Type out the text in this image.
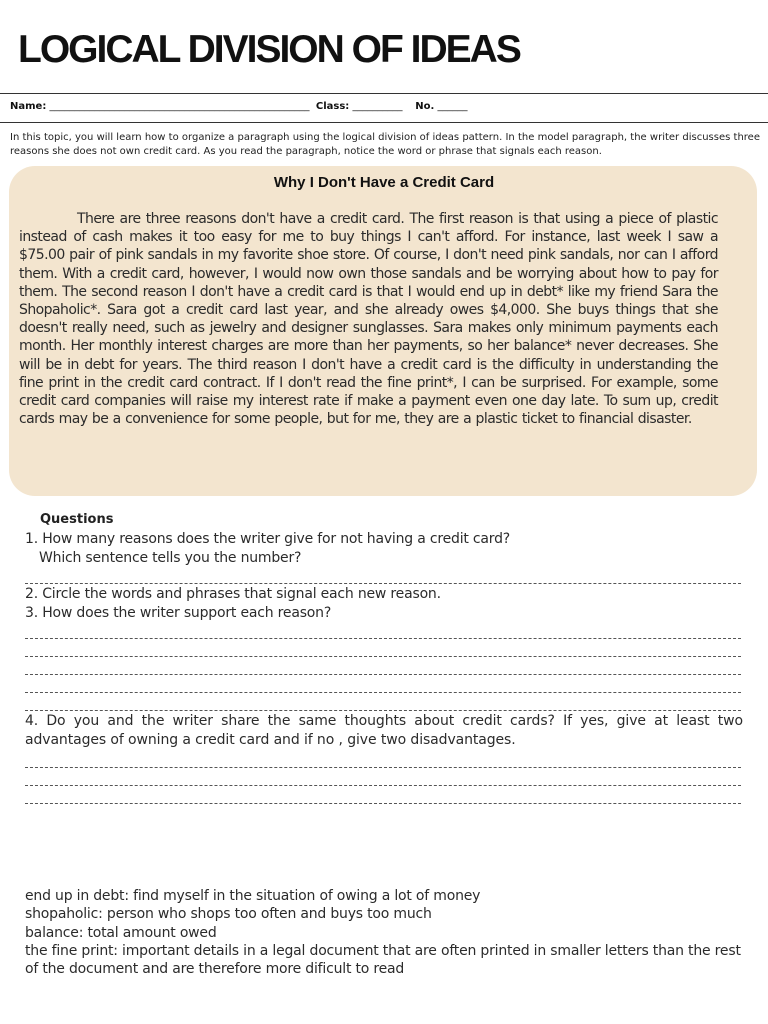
LOGICAL DIVISION OF IDEAS
Name: ____________________________________________________ Class: __________ No. ______

In this topic, you will learn how to organize a paragraph using the logical division of ideas pattern. In the model paragraph, the writer discusses three reasons she does not own credit card. As you read the paragraph, notice the word or phrase that signals each reason.

Why I Don't Have a Credit Card

There are three reasons don't have a credit card. The first reason is that using a piece of plastic instead of cash makes it too easy for me to buy things I can't afford. For instance, last week I saw a $75.00 pair of pink sandals in my favorite shoe store. Of course, I don't need pink sandals, nor can I afford them. With a credit card, however, I would now own those sandals and be worrying about how to pay for them. The second reason I don't have a credit card is that I would end up in debt* like my friend Sara the Shopaholic*. Sara got a credit card last year, and she already owes $4,000. She buys things that she doesn't really need, such as jewelry and designer sunglasses. Sara makes only minimum payments each month. Her monthly interest charges are more than her payments, so her balance* never decreases. She will be in debt for years. The third reason I don't have a credit card is the difficulty in understanding the fine print in the credit card contract. If I don't read the fine print*, I can be surprised. For example, some credit card companies will raise my interest rate if make a payment even one day late. To sum up, credit cards may be a convenience for some people, but for me, they are a plastic ticket to financial disaster.

Questions

1. How many reasons does the writer give for not having a credit card?
Which sentence tells you the number?

2. Circle the words and phrases that signal each new reason.

3. How does the writer support each reason?

4. Do you and the writer share the same thoughts about credit cards? If yes, give at least two advantages of owning a credit card and if no , give two disadvantages.

end up in debt: find myself in the situation of owing a lot of money
shopaholic: person who shops too often and buys too much
balance: total amount owed
the fine print: important details in a legal document that are often printed in smaller letters than the rest of the document and are therefore more dificult to read
